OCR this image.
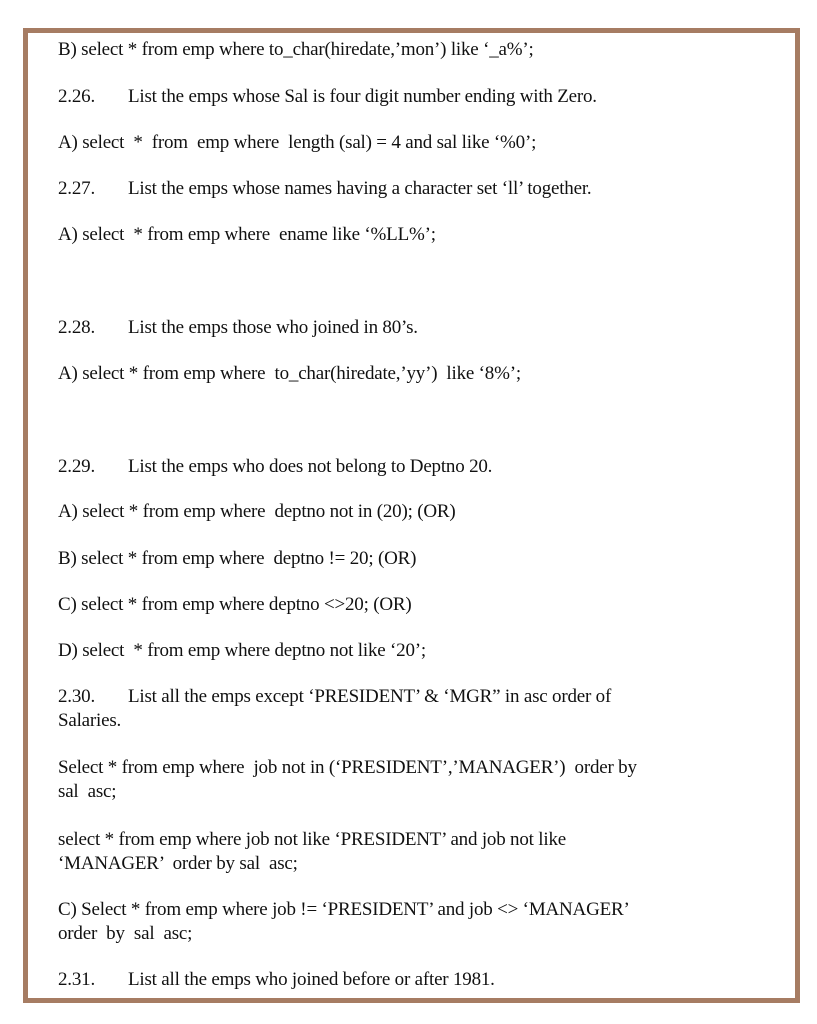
B) select * from emp where to_char(hiredate,’mon’) like ‘_a%’;
2.26. List the emps whose Sal is four digit number ending with Zero.
A) select  *  from  emp where  length (sal) = 4 and sal like ‘%0’;
2.27. List the emps whose names having a character set ‘ll’ together.
A) select  * from emp where  ename like ‘%LL%’;
2.28. List the emps those who joined in 80’s.
A) select * from emp where  to_char(hiredate,’yy’)  like ‘8%’;
2.29. List the emps who does not belong to Deptno 20.
A) select * from emp where  deptno not in (20); (OR)
B) select * from emp where  deptno != 20; (OR)
C) select * from emp where deptno <>20; (OR)
D) select  * from emp where deptno not like ‘20’;
2.30. List all the emps except ‘PRESIDENT’ & ‘MGR” in asc order of
Salaries.
Select * from emp where  job not in (‘PRESIDENT’,’MANAGER’)  order by
sal  asc;
select * from emp where job not like ‘PRESIDENT’ and job not like
‘MANAGER’  order by sal  asc;
C) Select * from emp where job != ‘PRESIDENT’ and job <> ‘MANAGER’
order  by  sal  asc;
2.31. List all the emps who joined before or after 1981.
